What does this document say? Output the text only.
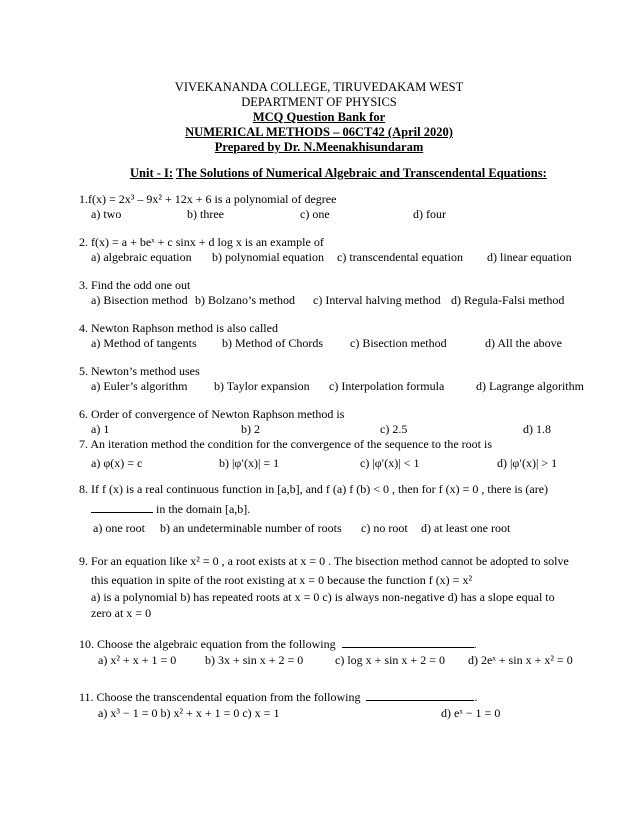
VIVEKANANDA COLLEGE, TIRUVEDAKAM WEST
DEPARTMENT OF PHYSICS
MCQ Question Bank for
NUMERICAL METHODS – 06CT42 (April 2020)
Prepared by Dr. N.Meenakhisundaram
Unit - I: The Solutions of Numerical Algebraic and Transcendental Equations:
1.f(x) = 2x³ – 9x² + 12x + 6 is a polynomial of degree
a) two	b) three	c) one	d) four
2. f(x) = a + beˣ + c sinx + d log x is an example of
a) algebraic equation b) polynomial equation c) transcendental equation d) linear equation
3. Find the odd one out
a) Bisection method b) Bolzano’s method c) Interval halving method d) Regula-Falsi method
4. Newton Raphson method is also called
a) Method of tangents b) Method of Chords c) Bisection method	d) All the above
5. Newton’s method uses
a) Euler’s algorithm b) Taylor expansion c) Interpolation formula	d) Lagrange algorithm
6. Order of convergence of Newton Raphson method is
a) 1	b) 2	c) 2.5	d) 1.8
7. An iteration method the condition for the convergence of the sequence to the root is
a) φ(x) = c	b) |φ′(x)| = 1	c) |φ′(x)| < 1	d) |φ′(x)| > 1
8. If f (x) is a real continuous function in [a,b], and f (a) f (b) < 0 , then for f (x) = 0 , there is (are)
in the domain [a,b].
a) one root b) an undeterminable number of roots c) no root d) at least one root
9. For an equation like x² = 0 , a root exists at x = 0 . The bisection method cannot be adopted to solve
this equation in spite of the root existing at x = 0 because the function f (x) = x²
a) is a polynomial b) has repeated roots at x = 0 c) is always non-negative d) has a slope equal to
zero at x = 0
10. Choose the algebraic equation from the following	.
a) x² + x + 1 = 0 b) 3x + sin x + 2 = 0	c) log x + sin x + 2 = 0 d) 2eˣ + sin x + x² = 0
11. Choose the transcendental equation from the following	.
a) x³ − 1 = 0 b) x² + x + 1 = 0 c) x = 1	d) eˣ − 1 = 0
